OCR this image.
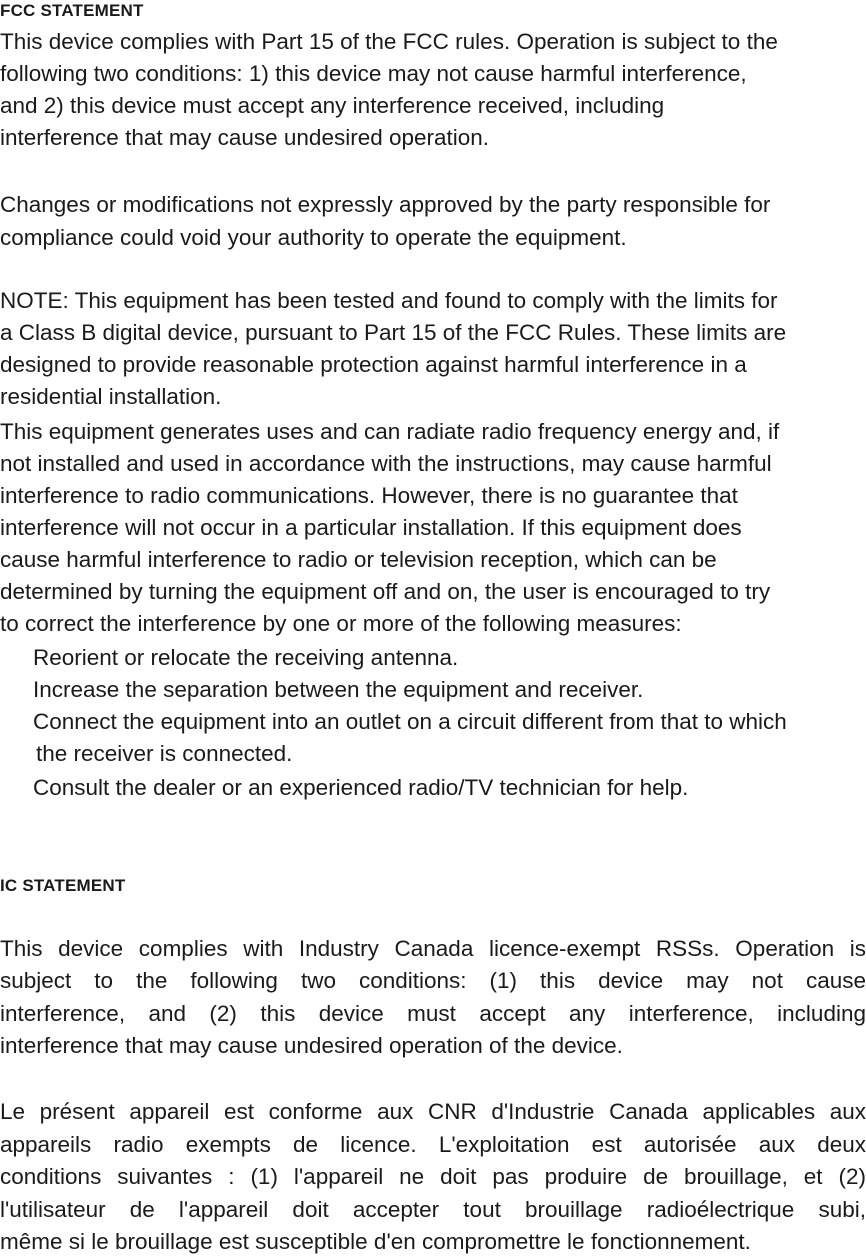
FCC STATEMENT

This device complies with Part 15 of the FCC rules. Operation is subject to the

following two conditions: 1) this device may not cause harmful interference,

and 2) this device must accept any interference received, including

interference that may cause undesired operation.

Changes or modifications not expressly approved by the party responsible for

compliance could void your authority to operate the equipment.

NOTE: This equipment has been tested and found to comply with the limits for

a Class B digital device, pursuant to Part 15 of the FCC Rules. These limits are

designed to provide reasonable protection against harmful interference in a

residential installation.

This equipment generates uses and can radiate radio frequency energy and, if

not installed and used in accordance with the instructions, may cause harmful

interference to radio communications. However, there is no guarantee that

interference will not occur in a particular installation. If this equipment does

cause harmful interference to radio or television reception, which can be

determined by turning the equipment off and on, the user is encouraged to try

to correct the interference by one or more of the following measures:

Reorient or relocate the receiving antenna.

Increase the separation between the equipment and receiver.

Connect the equipment into an outlet on a circuit different from that to which

the receiver is connected.

Consult the dealer or an experienced radio/TV technician for help.

IC STATEMENT

This device complies with Industry Canada licence-exempt RSSs. Operation is

subject to the following two conditions: (1) this device may not cause

interference, and (2) this device must accept any interference, including

interference that may cause undesired operation of the device.

Le présent appareil est conforme aux CNR d'Industrie Canada applicables aux

appareils radio exempts de licence. L'exploitation est autorisée aux deux

conditions suivantes : (1) l'appareil ne doit pas produire de brouillage, et (2)

l'utilisateur de l'appareil doit accepter tout brouillage radioélectrique subi,

même si le brouillage est susceptible d'en compromettre le fonctionnement.
